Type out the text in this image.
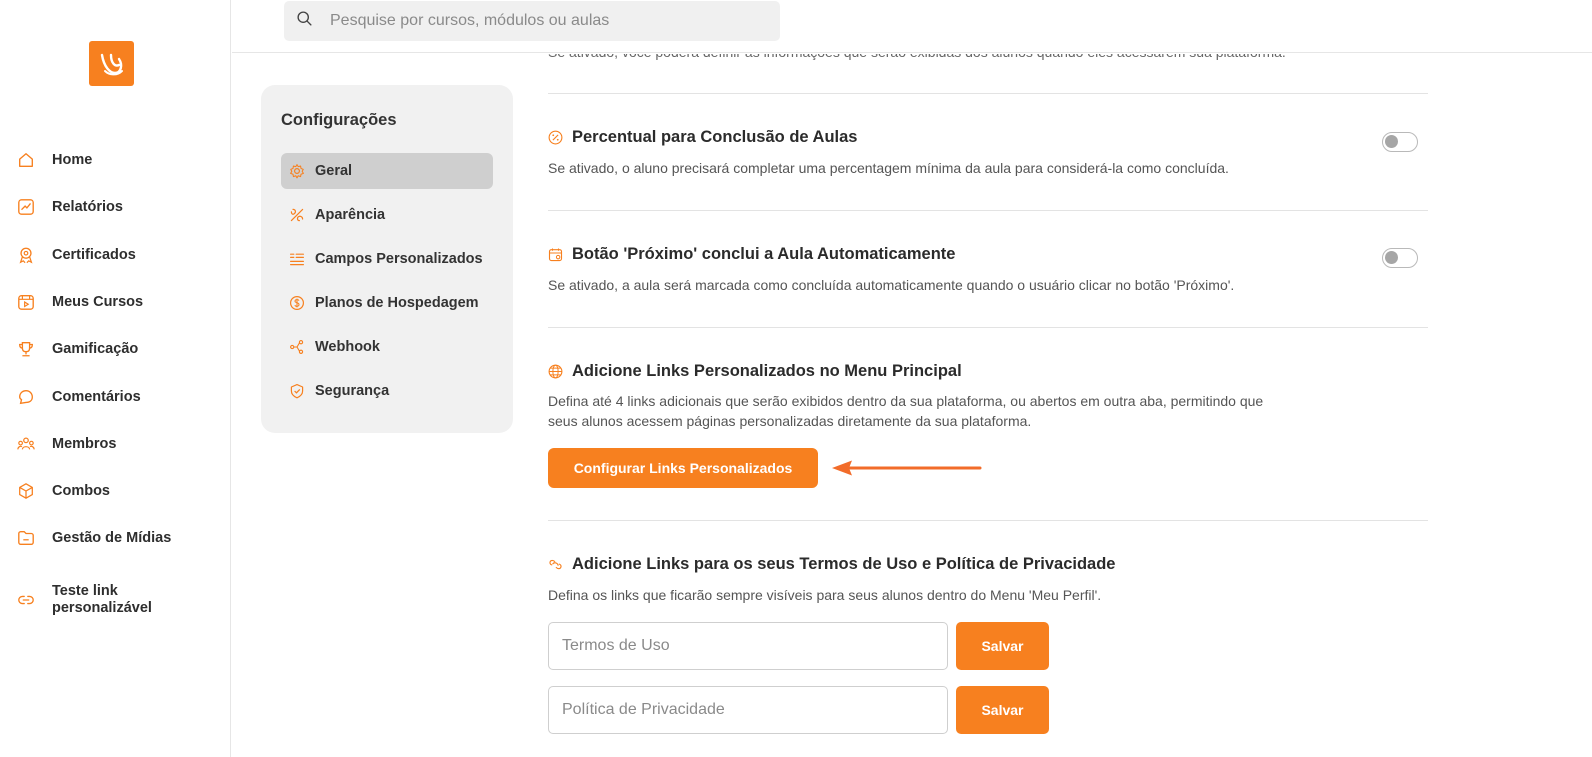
Home
Relatórios
Certificados
Meus Cursos
Gamificação
Comentários
Membros
Combos
Gestão de Mídias
Teste link personalizável
Pesquise por cursos, módulos ou aulas
Configurações
Geral
Aparência
Campos Personalizados
Planos de Hospedagem
Webhook
Segurança
Percentual para Conclusão de Aulas
Se ativado, o aluno precisará completar uma percentagem mínima da aula para considerá-la como concluída.
Botão 'Próximo' conclui a Aula Automaticamente
Se ativado, a aula será marcada como concluída automaticamente quando o usuário clicar no botão 'Próximo'.
Adicione Links Personalizados no Menu Principal
Defina até 4 links adicionais que serão exibidos dentro da sua plataforma, ou abertos em outra aba, permitindo que
seus alunos acessem páginas personalizadas diretamente da sua plataforma.
Configurar Links Personalizados
Adicione Links para os seus Termos de Uso e Política de Privacidade
Defina os links que ficarão sempre visíveis para seus alunos dentro do Menu 'Meu Perfil'.
Termos de Uso
Salvar
Política de Privacidade
Salvar
